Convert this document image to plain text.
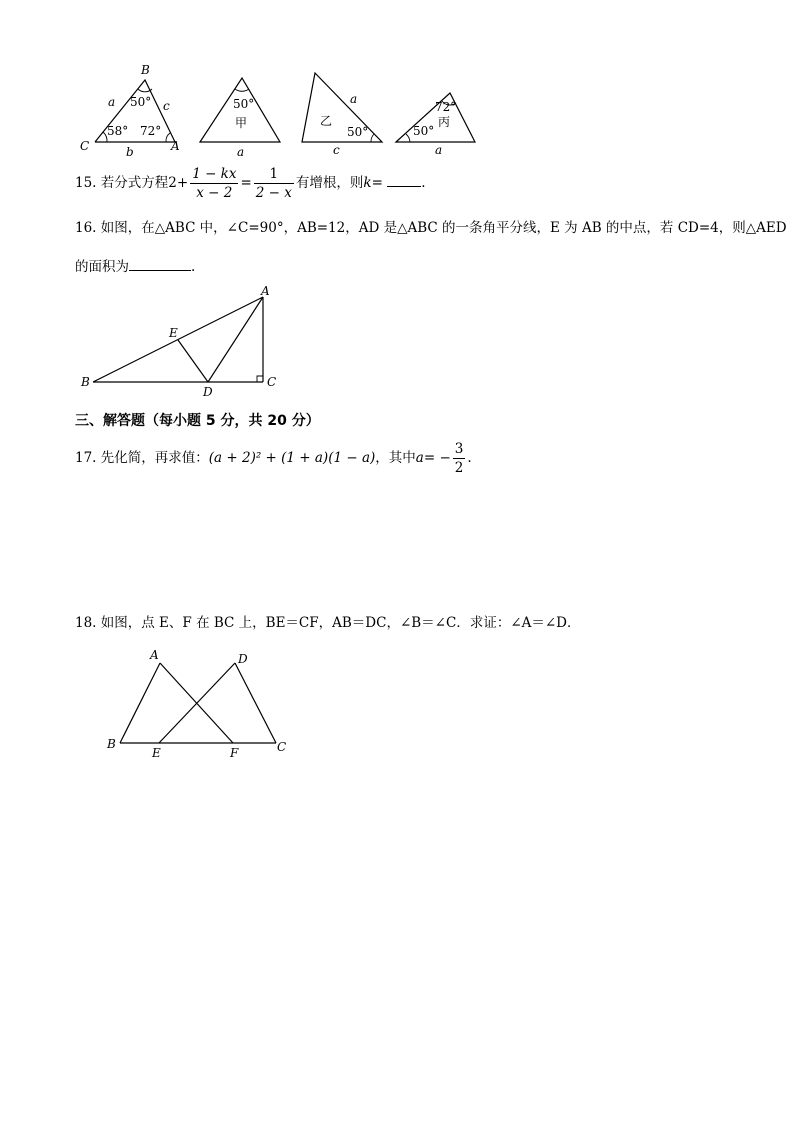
B
C	A
a
b
c
50°
58° 72°
50°
甲
a
乙
a
50°
c
72°
丙
50°
a
15. 若分式方程$2+ \frac{1 - kx}{x - 2} = \frac{1}{2 - x}$ 有增根，则k=	.
16. 如图，在△ABC 中，∠C=90°，AB=12，AD 是△ABC 的一条角平分线，E 为 AB 的中点，若 CD=4，则△AED
的面积为	.
A
B	C
D
E
三、解答题（每小题 5 分，共 20 分）
17. 先化简，再求值：(a + 2)² + (1 + a)(1 − a)，其中$a= - \frac{3}{2}$ .
18. 如图，点 E、F 在 BC 上，BE＝CF，AB＝DC，∠B＝∠C．求证：∠A＝∠D．
A
B	C
D
E	F
